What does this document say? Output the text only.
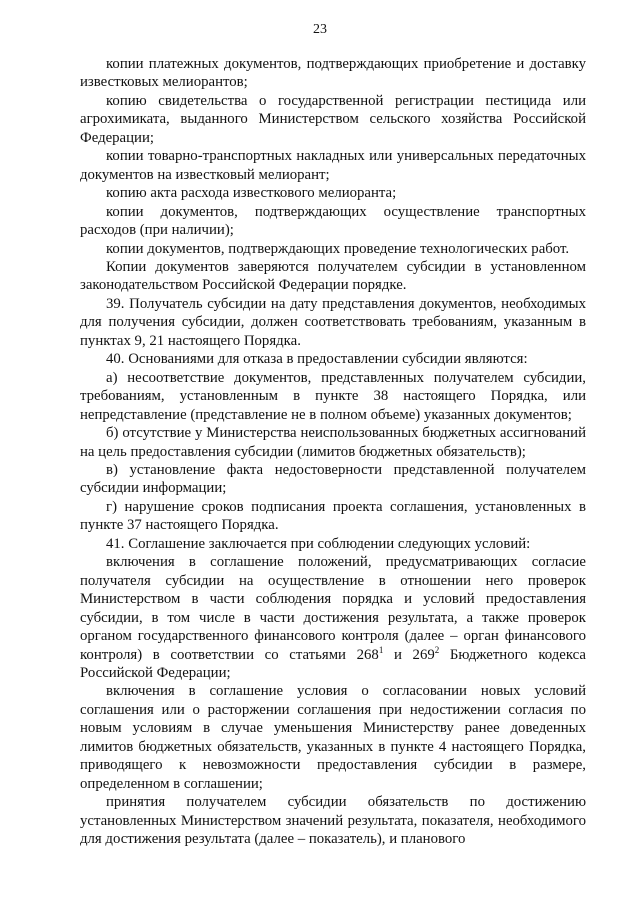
23

копии платежных документов, подтверждающих приобретение и доставку известковых мелиорантов;

копию свидетельства о государственной регистрации пестицида или агрохимиката, выданного Министерством сельского хозяйства Российской Федерации;

копии товарно-транспортных накладных или универсальных передаточных документов на известковый мелиорант;

копию акта расхода известкового мелиоранта;

копии документов, подтверждающих осуществление транспортных расходов (при наличии);

копии документов, подтверждающих проведение технологических работ.

Копии документов заверяются получателем субсидии в установленном законодательством Российской Федерации порядке.

39. Получатель субсидии на дату представления документов, необходимых для получения субсидии, должен соответствовать требованиям, указанным в пунктах 9, 21 настоящего Порядка.

40. Основаниями для отказа в предоставлении субсидии являются:

а) несоответствие документов, представленных получателем субсидии, требованиям, установленным в пункте 38 настоящего Порядка, или непредставление (представление не в полном объеме) указанных документов;

б) отсутствие у Министерства неиспользованных бюджетных ассигнований на цель предоставления субсидии (лимитов бюджетных обязательств);

в) установление факта недостоверности представленной получателем субсидии информации;

г) нарушение сроков подписания проекта соглашения, установленных в пункте 37 настоящего Порядка.

41. Соглашение заключается при соблюдении следующих условий:

включения в соглашение положений, предусматривающих согласие получателя субсидии на осуществление в отношении него проверок Министерством в части соблюдения порядка и условий предоставления субсидии, в том числе в части достижения результата, а также проверок органом государственного финансового контроля (далее – орган финансового контроля) в соответствии со статьями $268^1$ и $269^2$ Бюджетного кодекса Российской Федерации;

включения в соглашение условия о согласовании новых условий соглашения или о расторжении соглашения при недостижении согласия по новым условиям в случае уменьшения Министерству ранее доведенных лимитов бюджетных обязательств, указанных в пункте 4 настоящего Порядка, приводящего к невозможности предоставления субсидии в размере, определенном в соглашении;

принятия получателем субсидии обязательств по достижению установленных Министерством значений результата, показателя, необходимого для достижения результата (далее – показатель), и планового
